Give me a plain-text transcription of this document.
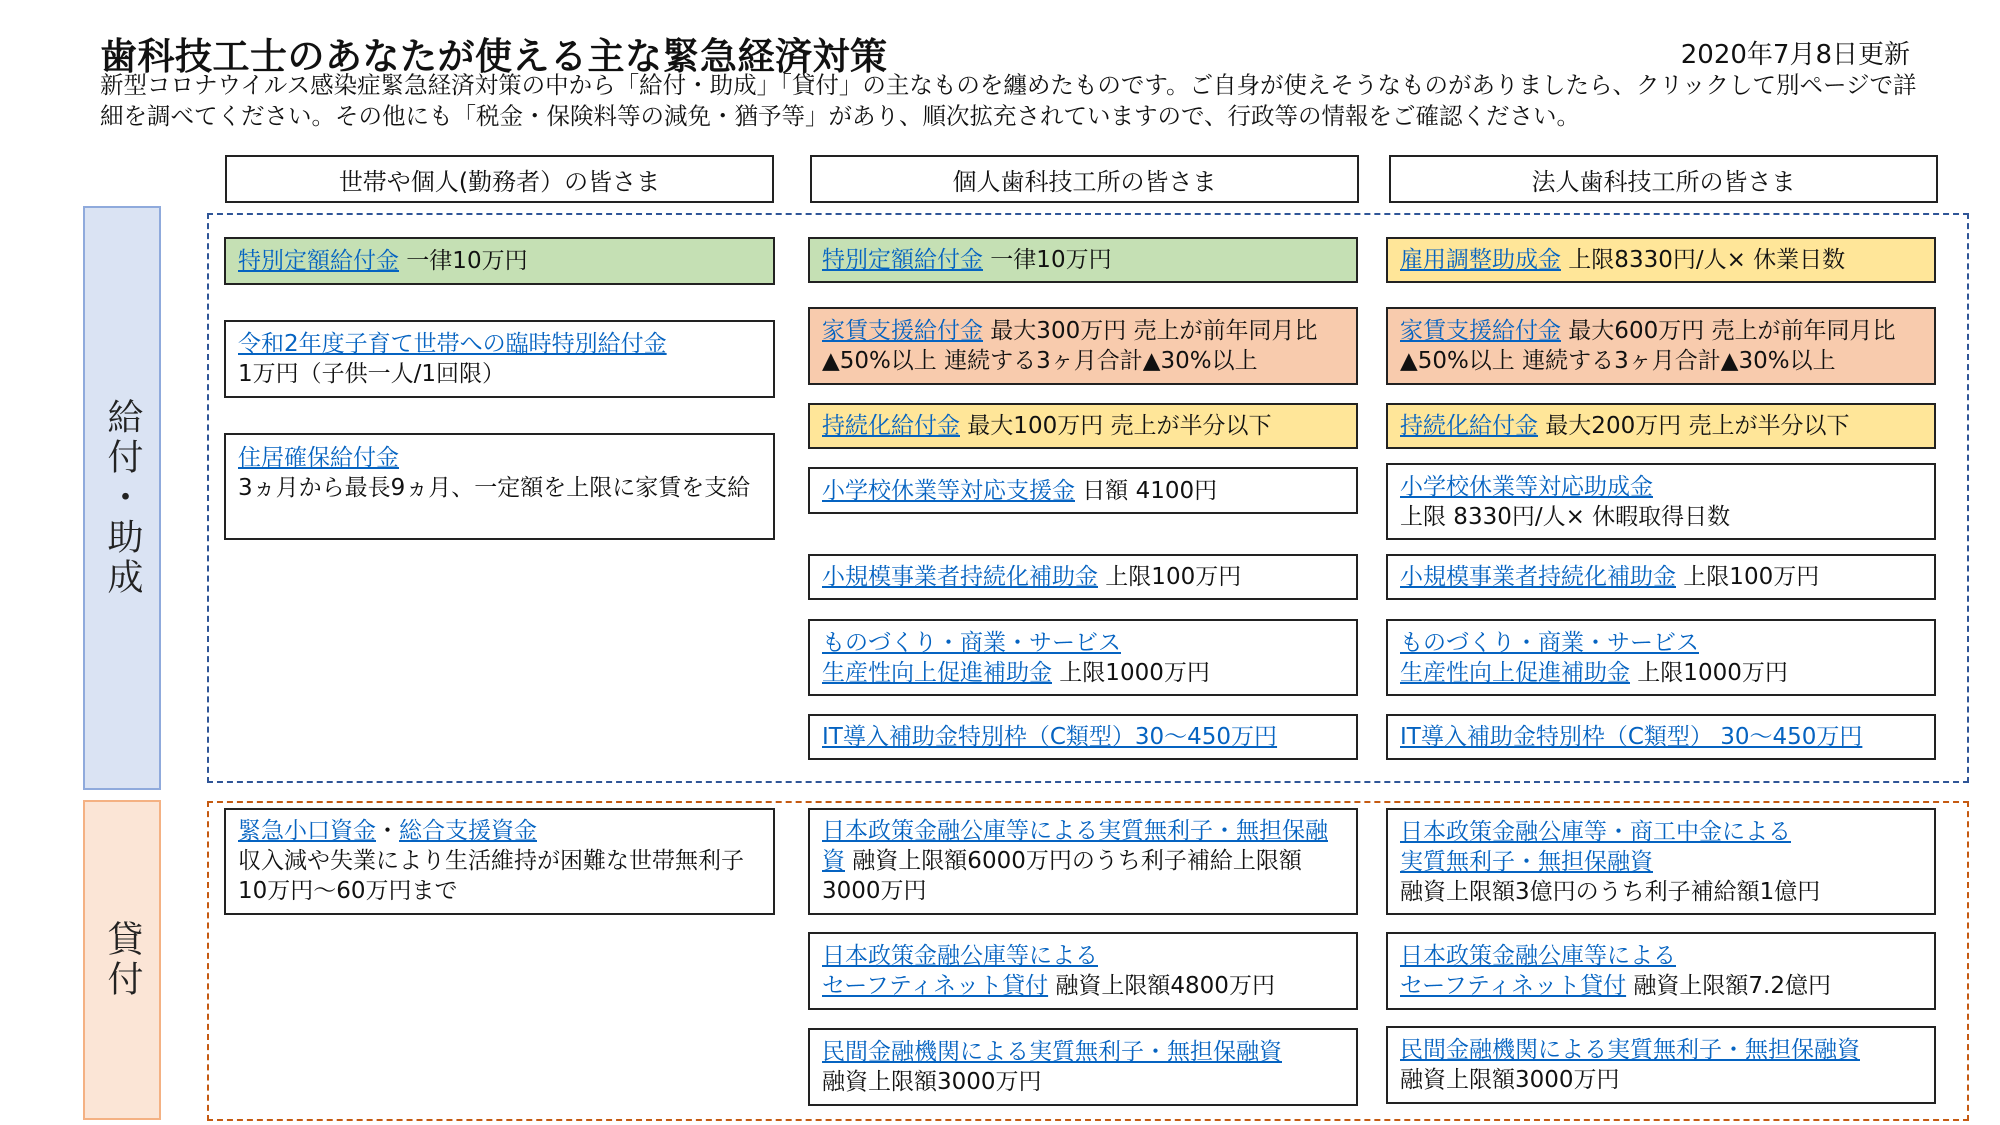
歯科技工士のあなたが使える主な緊急経済対策	2020年7月8日更新
新型コロナウイルス感染症緊急経済対策の中から「給付・助成」「貸付」の主なものを纏めたものです。ご自身が使えそうなものがありましたら、クリックして別ページで詳細を調べてください。その他にも「税金・保険料等の減免・猶予等」があり、順次拡充されていますので、行政等の情報をご確認ください。
世帯や個人(勤務者）の皆さま	個人歯科技工所の皆さま	法人歯科技工所の皆さま
給付・助成
貸付
特別定額給付金 一律10万円
令和2年度子育て世帯への臨時特別給付金
1万円（子供一人/1回限）
住居確保給付金
3ヵ月から最長9ヵ月、一定額を上限に家賃を支給
特別定額給付金 一律10万円
家賃支援給付金 最大300万円 売上が前年同月比▲50%以上 連続する3ヶ月合計▲30%以上
持続化給付金 最大100万円 売上が半分以下
小学校休業等対応支援金 日額 4100円
小規模事業者持続化補助金 上限100万円
ものづくり・商業・サービス
生産性向上促進補助金 上限1000万円
IT導入補助金特別枠（C類型）30～450万円
雇用調整助成金 上限8330円/人× 休業日数
家賃支援給付金 最大600万円 売上が前年同月比▲50%以上 連続する3ヶ月合計▲30%以上
持続化給付金 最大200万円 売上が半分以下
小学校休業等対応助成金
上限 8330円/人× 休暇取得日数
小規模事業者持続化補助金 上限100万円
ものづくり・商業・サービス
生産性向上促進補助金 上限1000万円
IT導入補助金特別枠（C類型） 30～450万円
緊急小口資金・総合支援資金
収入減や失業により生活維持が困難な世帯無利子 10万円～60万円まで
日本政策金融公庫等による実質無利子・無担保融資 融資上限額6000万円のうち利子補給上限額3000万円
日本政策金融公庫等による
セーフティネット貸付 融資上限額4800万円
民間金融機関による実質無利子・無担保融資
融資上限額3000万円
日本政策金融公庫等・商工中金による
実質無利子・無担保融資
融資上限額3億円のうち利子補給額1億円
日本政策金融公庫等による
セーフティネット貸付 融資上限額7.2億円
民間金融機関による実質無利子・無担保融資
融資上限額3000万円
